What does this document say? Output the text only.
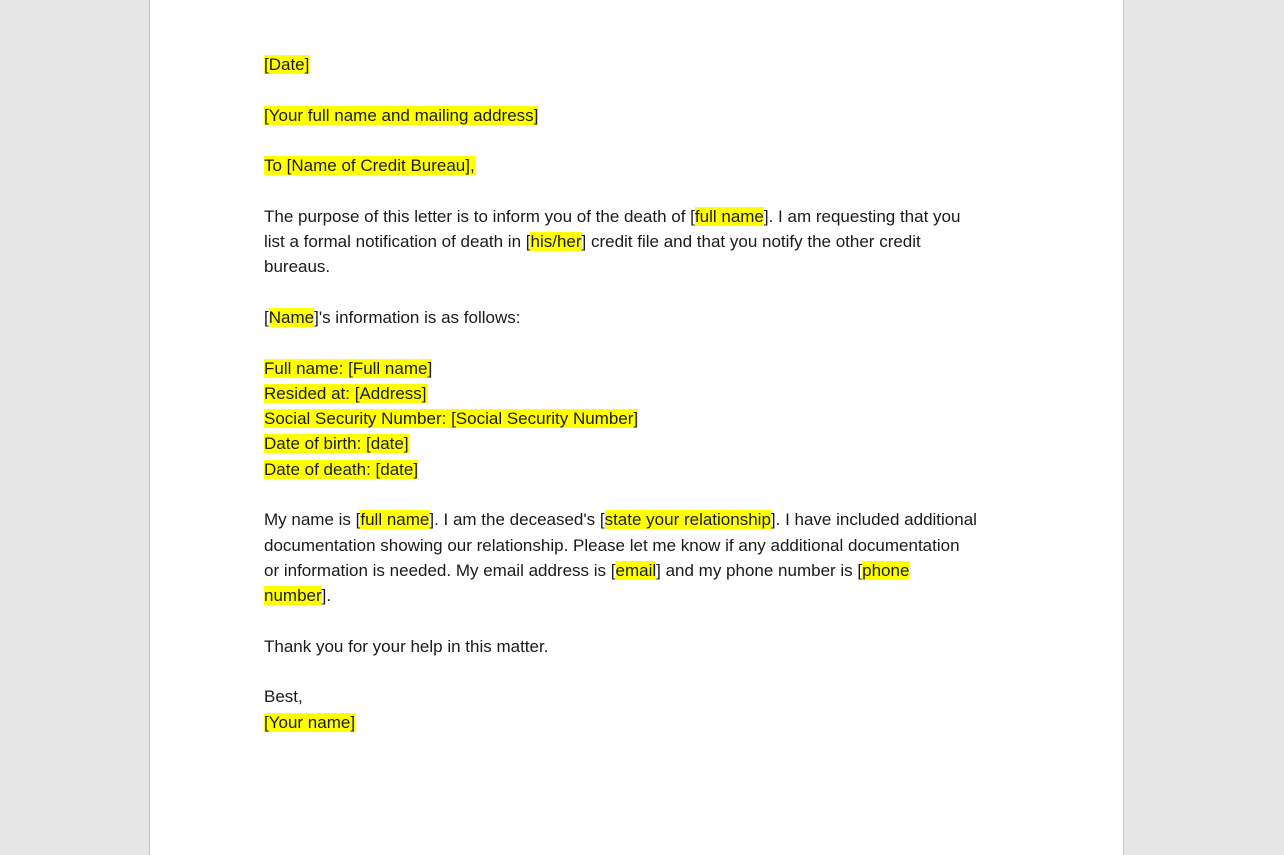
[Date]
[Your full name and mailing address]
To [Name of Credit Bureau],
The purpose of this letter is to inform you of the death of [full name]. I am requesting that you
list a formal notification of death in [his/her] credit file and that you notify the other credit
bureaus.
[Name]'s information is as follows:
Full name: [Full name]
Resided at: [Address]
Social Security Number: [Social Security Number]
Date of birth: [date]
Date of death: [date]
My name is [full name]. I am the deceased's [state your relationship]. I have included additional
documentation showing our relationship. Please let me know if any additional documentation
or information is needed. My email address is [email] and my phone number is [phone
number].
Thank you for your help in this matter.
Best,
[Your name]
